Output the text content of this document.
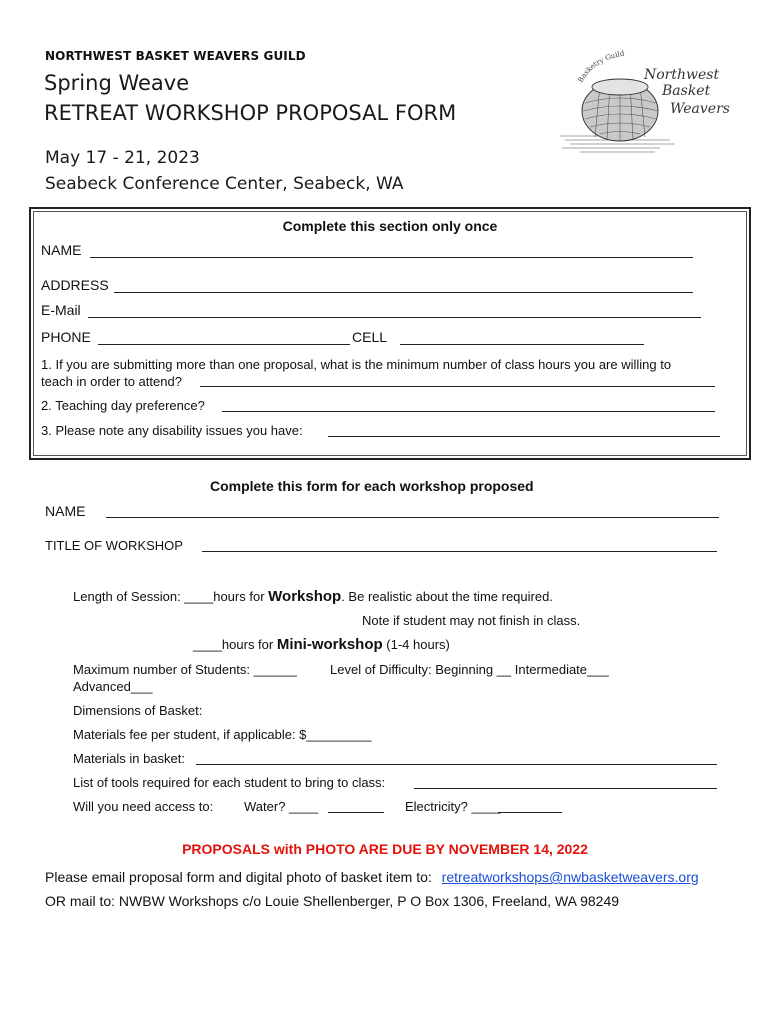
NORTHWEST BASKET WEAVERS GUILD
Spring Weave
RETREAT WORKSHOP PROPOSAL FORM
May 17 - 21, 2023
Seabeck Conference Center, Seabeck, WA
Basketry Guild
Northwest
Basket
Weavers
Complete this section only once
NAME
ADDRESS
E-Mail
PHONE	CELL
1. If you are submitting more than one proposal, what is the minimum number of class hours you are willing to
teach in order to attend?
2. Teaching day preference?
3. Please note any disability issues you have:
Complete this form for each workshop proposed
NAME
TITLE OF WORKSHOP
Length of Session: ____hours for Workshop. Be realistic about the time required.
Note if student may not finish in class.
____hours for Mini-workshop (1-4 hours)
Maximum number of Students: ______	Level of Difficulty: Beginning __ Intermediate___
Advanced___
Dimensions of Basket:
Materials fee per student, if applicable: $_________
Materials in basket:
List of tools required for each student to bring to class:
Will you need access to: Water? ____	Electricity? ____
PROPOSALS with PHOTO ARE DUE BY NOVEMBER 14, 2022
Please email proposal form and digital photo of basket item to: retreatworkshops@nwbasketweavers.org
OR mail to: NWBW Workshops c/o Louie Shellenberger, P O Box 1306, Freeland, WA 98249
